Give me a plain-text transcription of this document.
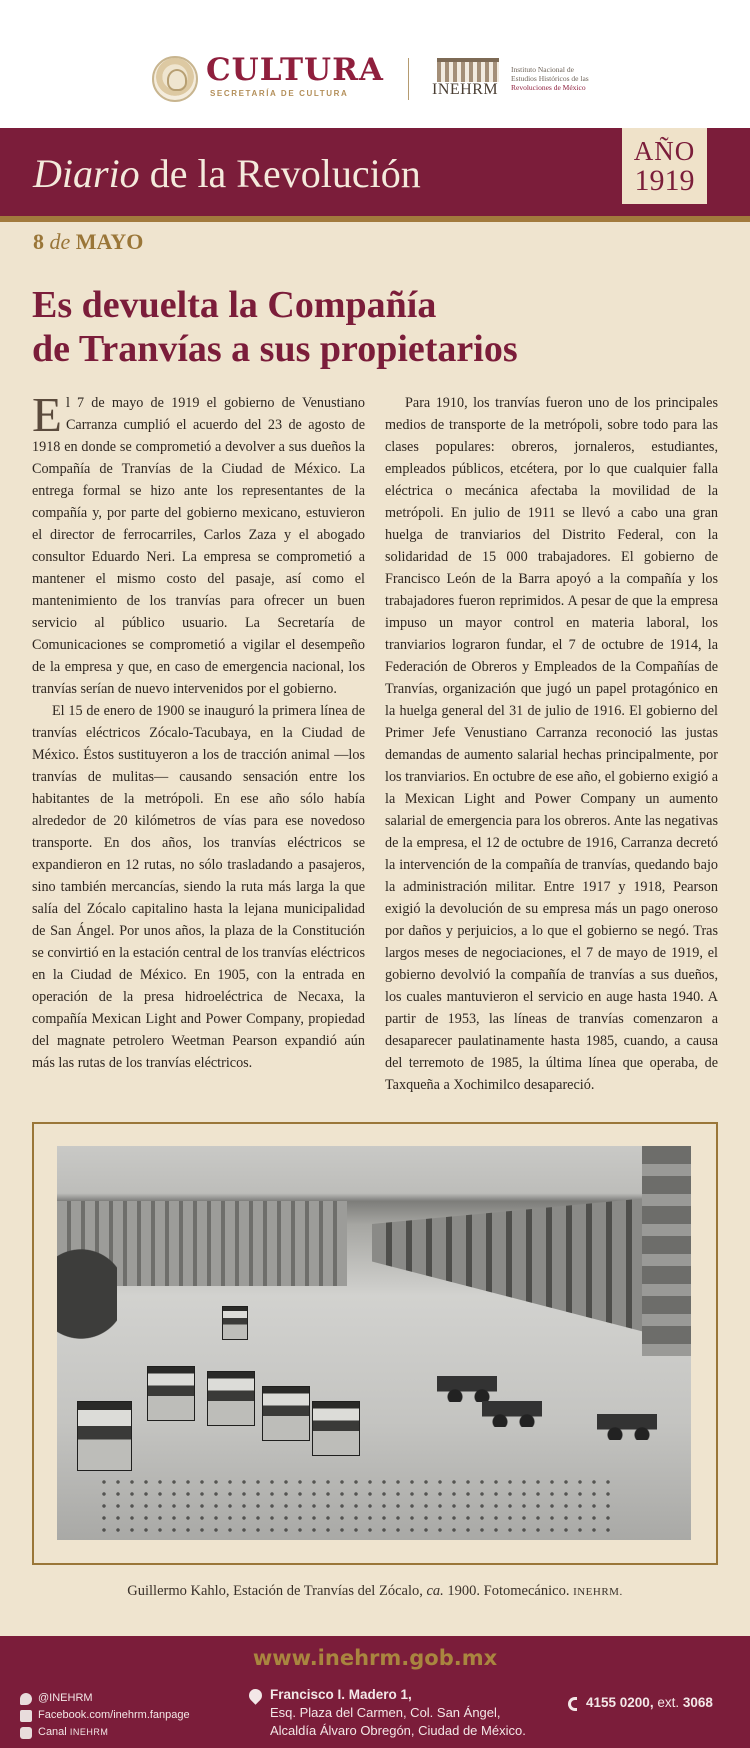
CULTURA
SECRETARÍA DE CULTURA	INEHRM
Instituto Nacional de
Estudios Históricos de las
Revoluciones de México
Diario de la Revolución	AÑO
1919
8 de MAYO
Es devuelta la Compañía
de Tranvías a sus propietarios

El 7 de mayo de 1919 el gobierno de Venustiano Carranza cumplió el acuerdo del 23 de agosto de 1918 en donde se comprometió a devolver a sus dueños la Compañía de Tranvías de la Ciudad de México. La entrega formal se hizo ante los representantes de la compañía y, por parte del gobierno mexicano, estuvieron el director de ferrocarriles, Carlos Zaza y el abogado consultor Eduardo Neri. La empresa se comprometió a mantener el mismo costo del pasaje, así como el mantenimiento de los tranvías para ofrecer un buen servicio al público usuario. La Secretaría de Comunicaciones se comprometió a vigilar el desempeño de la empresa y que, en caso de emergencia nacional, los tranvías serían de nuevo intervenidos por el gobierno.

El 15 de enero de 1900 se inauguró la primera línea de tranvías eléctricos Zócalo-Tacubaya, en la Ciudad de México. Éstos sustituyeron a los de tracción animal —los tranvías de mulitas— causando sensación entre los habitantes de la metrópoli. En ese año sólo había alrededor de 20 kilómetros de vías para ese novedoso transporte. En dos años, los tranvías eléctricos se expandieron en 12 rutas, no sólo trasladando a pasajeros, sino también mercancías, siendo la ruta más larga la que salía del Zócalo capitalino hasta la lejana municipalidad de San Ángel. Por unos años, la plaza de la Constitución se convirtió en la estación central de los tranvías eléctricos en la Ciudad de México. En 1905, con la entrada en operación de la presa hidroeléctrica de Necaxa, la compañía Mexican Light and Power Company, propiedad del magnate petrolero Weetman Pearson expandió aún más las rutas de los tranvías eléctricos.

Para 1910, los tranvías fueron uno de los principales medios de transporte de la metrópoli, sobre todo para las clases populares: obreros, jornaleros, estudiantes, empleados públicos, etcétera, por lo que cualquier falla eléctrica o mecánica afectaba la movilidad de la metrópoli. En julio de 1911 se llevó a cabo una gran huelga de tranviarios del Distrito Federal, con la solidaridad de 15 000 trabajadores. El gobierno de Francisco León de la Barra apoyó a la compañía y los trabajadores fueron reprimidos. A pesar de que la empresa impuso un mayor control en materia laboral, los tranviarios lograron fundar, el 7 de octubre de 1914, la Federación de Obreros y Empleados de la Compañías de Tranvías, organización que jugó un papel protagónico en la huelga general del 31 de julio de 1916. El gobierno del Primer Jefe Venustiano Carranza reconoció las justas demandas de aumento salarial hechas principalmente, por los tranviarios. En octubre de ese año, el gobierno exigió a la Mexican Light and Power Company un aumento salarial de emergencia para los obreros. Ante las negativas de la empresa, el 12 de octubre de 1916, Carranza decretó la intervención de la compañía de tranvías, quedando bajo la administración militar. Entre 1917 y 1918, Pearson exigió la devolución de su empresa más un pago oneroso por daños y perjuicios, a lo que el gobierno se negó. Tras largos meses de negociaciones, el 7 de mayo de 1919, el gobierno devolvió la compañía de tranvías a sus dueños, los cuales mantuvieron el servicio en auge hasta 1940. A partir de 1953, las líneas de tranvías comenzaron a desaparecer paulatinamente hasta 1985, cuando, a causa del terremoto de 1985, la última línea que operaba, de Taxqueña a Xochimilco desapareció.

Guillermo Kahlo, Estación de Tranvías del Zócalo, ca. 1900. Fotomecánico. INEHRM.
www.inehrm.gob.mx
@INEHRM
Facebook.com/inehrm.fanpage
Canal
INEHRM
Francisco I. Madero 1,
Esq. Plaza del Carmen, Col. San Ángel,
Alcaldía Álvaro Obregón, Ciudad de México.
4155 0200, ext. 3068
